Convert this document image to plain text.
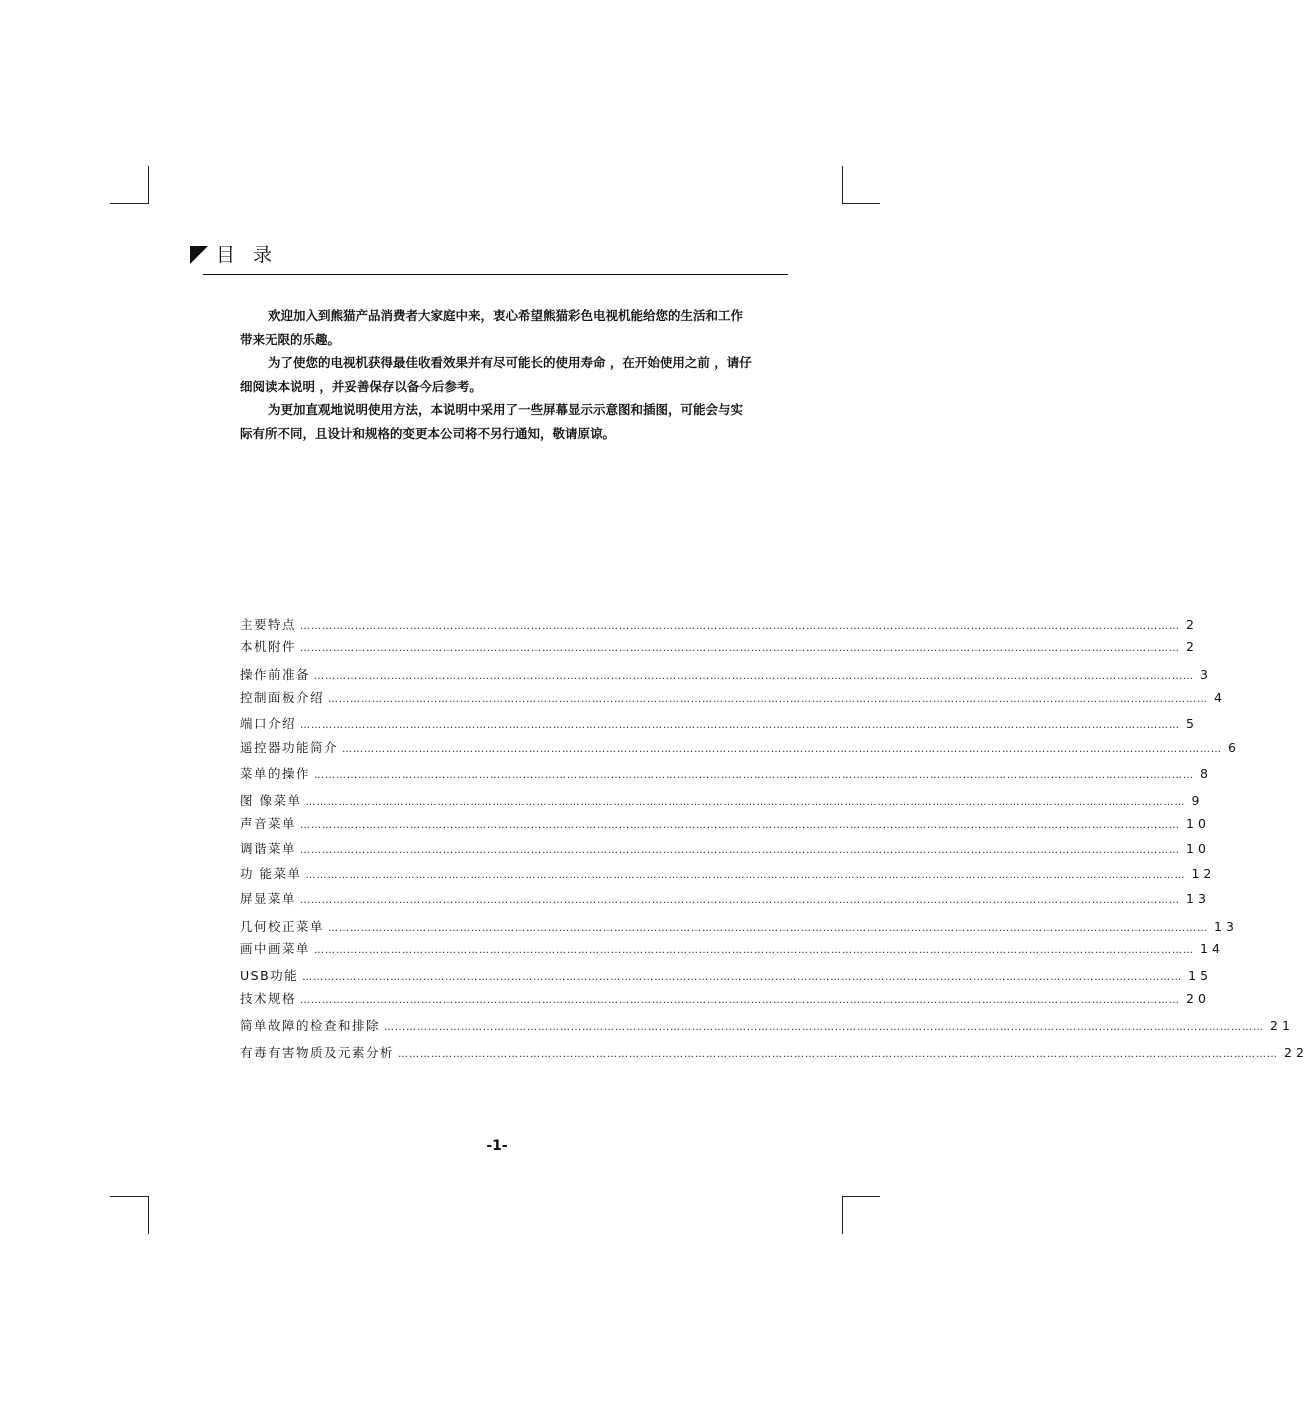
目 录

欢迎加入到熊猫产品消费者大家庭中来，衷心希望熊猫彩色电视机能给您的生活和工作带来无限的乐趣。

为了使您的电视机获得最佳收看效果并有尽可能长的使用寿命 ，在开始使用之前 ，请仔细阅读本说明 ，并妥善保存以备今后参考。

为更加直观地说明使用方法，本说明中采用了一些屏幕显示示意图和插图，可能会与实际有所不同，且设计和规格的变更本公司将不另行通知，敬请原谅。

主要特点 …………………………………………………………………………………………………………………………………………………………………………………………………………………… 2
本机附件 …………………………………………………………………………………………………………………………………………………………………………………………………………………… 2
操作前准备 …………………………………………………………………………………………………………………………………………………………………………………………………………………… 3
控制面板介绍 …………………………………………………………………………………………………………………………………………………………………………………………………………………… 4
端口介绍 …………………………………………………………………………………………………………………………………………………………………………………………………………………… 5
遥控器功能简介 …………………………………………………………………………………………………………………………………………………………………………………………………………………… 6
菜单的操作 …………………………………………………………………………………………………………………………………………………………………………………………………………………… 8
图 像菜单 …………………………………………………………………………………………………………………………………………………………………………………………………………………… 9
声音菜单 …………………………………………………………………………………………………………………………………………………………………………………………………………………… 10
调谐菜单 …………………………………………………………………………………………………………………………………………………………………………………………………………………… 10
功 能菜单 …………………………………………………………………………………………………………………………………………………………………………………………………………………… 12
屏显菜单 …………………………………………………………………………………………………………………………………………………………………………………………………………………… 13
几何校正菜单 …………………………………………………………………………………………………………………………………………………………………………………………………………………… 13
画中画菜单 …………………………………………………………………………………………………………………………………………………………………………………………………………………… 14
USB功能 …………………………………………………………………………………………………………………………………………………………………………………………………………………… 15
技术规格 …………………………………………………………………………………………………………………………………………………………………………………………………………………… 20
简单故障的检查和排除 …………………………………………………………………………………………………………………………………………………………………………………………………………………… 21
有毒有害物质及元素分析 …………………………………………………………………………………………………………………………………………………………………………………………………………………… 22
-1-
